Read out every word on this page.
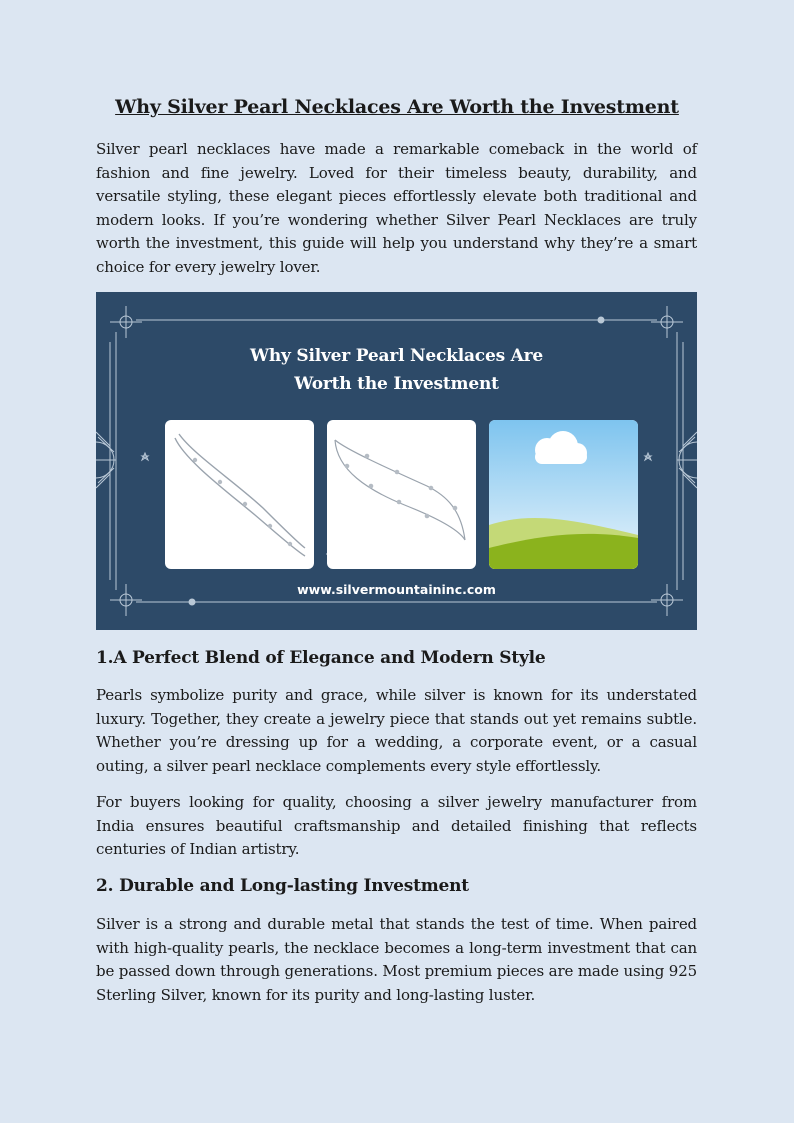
Why Silver Pearl Necklaces Are Worth the Investment
Silver pearl necklaces have made a remarkable comeback in the world of fashion and fine jewelry. Loved for their timeless beauty, durability, and versatile styling, these elegant pieces effortlessly elevate both traditional and modern looks. If you’re wondering whether Silver Pearl Necklaces are truly worth the investment, this guide will help you understand why they’re a smart choice for every jewelry lover.
Why Silver Pearl Necklaces Are
Worth the Investment
www.silvermountaininc.com
1.A Perfect Blend of Elegance and Modern Style
Pearls symbolize purity and grace, while silver is known for its understated luxury. Together, they create a jewelry piece that stands out yet remains subtle. Whether you’re dressing up for a wedding, a corporate event, or a casual outing, a silver pearl necklace complements every style effortlessly.
For buyers looking for quality, choosing a silver jewelry manufacturer from India ensures beautiful craftsmanship and detailed finishing that reflects centuries of Indian artistry.
2. Durable and Long-lasting Investment
Silver is a strong and durable metal that stands the test of time. When paired with high-quality pearls, the necklace becomes a long-term investment that can be passed down through generations. Most premium pieces are made using 925 Sterling Silver, known for its purity and long-lasting luster.
